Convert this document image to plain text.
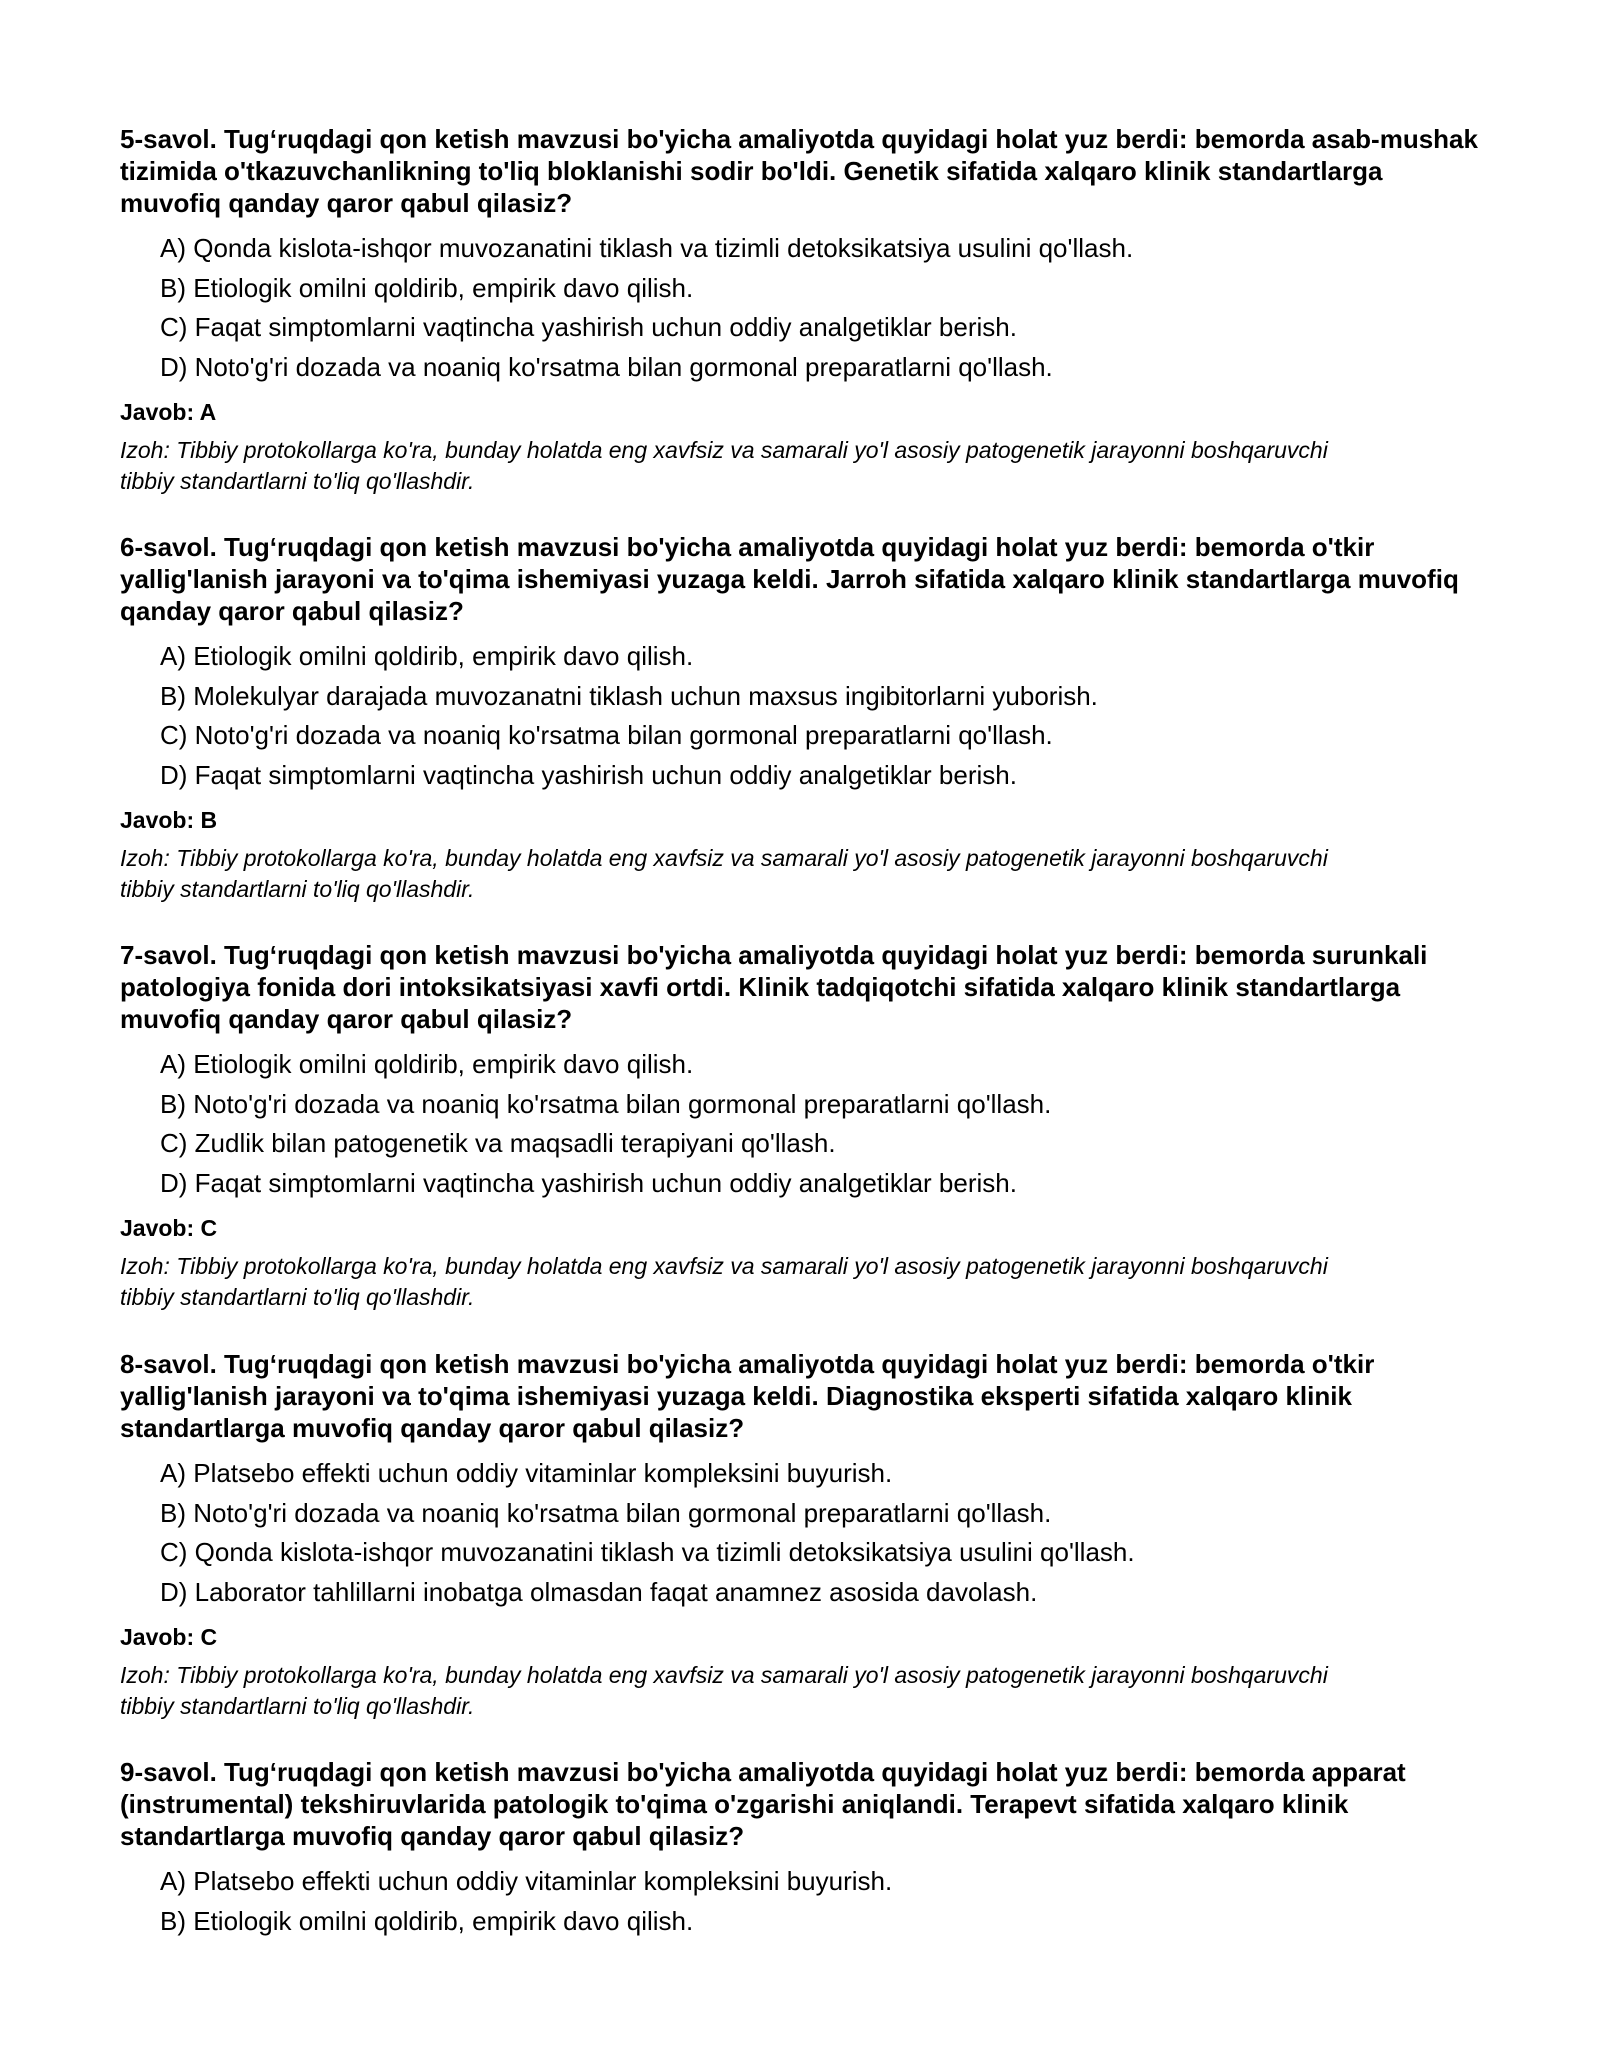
5-savol. Tug‘ruqdagi qon ketish mavzusi bo'yicha amaliyotda quyidagi holat yuz berdi: bemorda asab-mushak tizimida o'tkazuvchanlikning to'liq bloklanishi sodir bo'ldi. Genetik sifatida xalqaro klinik standartlarga muvofiq qanday qaror qabul qilasiz?

A) Qonda kislota-ishqor muvozanatini tiklash va tizimli detoksikatsiya usulini qo'llash.
B) Etiologik omilni qoldirib, empirik davo qilish.
C) Faqat simptomlarni vaqtincha yashirish uchun oddiy analgetiklar berish.
D) Noto'g'ri dozada va noaniq ko'rsatma bilan gormonal preparatlarni qo'llash.

Javob: A

Izoh: Tibbiy protokollarga ko'ra, bunday holatda eng xavfsiz va samarali yo'l asosiy patogenetik jarayonni boshqaruvchi tibbiy standartlarni to'liq qo'llashdir.

6-savol. Tug‘ruqdagi qon ketish mavzusi bo'yicha amaliyotda quyidagi holat yuz berdi: bemorda o'tkir yallig'lanish jarayoni va to'qima ishemiyasi yuzaga keldi. Jarroh sifatida xalqaro klinik standartlarga muvofiq qanday qaror qabul qilasiz?

A) Etiologik omilni qoldirib, empirik davo qilish.
B) Molekulyar darajada muvozanatni tiklash uchun maxsus ingibitorlarni yuborish.
C) Noto'g'ri dozada va noaniq ko'rsatma bilan gormonal preparatlarni qo'llash.
D) Faqat simptomlarni vaqtincha yashirish uchun oddiy analgetiklar berish.

Javob: B

Izoh: Tibbiy protokollarga ko'ra, bunday holatda eng xavfsiz va samarali yo'l asosiy patogenetik jarayonni boshqaruvchi tibbiy standartlarni to'liq qo'llashdir.

7-savol. Tug‘ruqdagi qon ketish mavzusi bo'yicha amaliyotda quyidagi holat yuz berdi: bemorda surunkali patologiya fonida dori intoksikatsiyasi xavfi ortdi. Klinik tadqiqotchi sifatida xalqaro klinik standartlarga muvofiq qanday qaror qabul qilasiz?

A) Etiologik omilni qoldirib, empirik davo qilish.
B) Noto'g'ri dozada va noaniq ko'rsatma bilan gormonal preparatlarni qo'llash.
C) Zudlik bilan patogenetik va maqsadli terapiyani qo'llash.
D) Faqat simptomlarni vaqtincha yashirish uchun oddiy analgetiklar berish.

Javob: C

Izoh: Tibbiy protokollarga ko'ra, bunday holatda eng xavfsiz va samarali yo'l asosiy patogenetik jarayonni boshqaruvchi tibbiy standartlarni to'liq qo'llashdir.

8-savol. Tug‘ruqdagi qon ketish mavzusi bo'yicha amaliyotda quyidagi holat yuz berdi: bemorda o'tkir yallig'lanish jarayoni va to'qima ishemiyasi yuzaga keldi. Diagnostika eksperti sifatida xalqaro klinik standartlarga muvofiq qanday qaror qabul qilasiz?

A) Platsebo effekti uchun oddiy vitaminlar kompleksini buyurish.
B) Noto'g'ri dozada va noaniq ko'rsatma bilan gormonal preparatlarni qo'llash.
C) Qonda kislota-ishqor muvozanatini tiklash va tizimli detoksikatsiya usulini qo'llash.
D) Laborator tahlillarni inobatga olmasdan faqat anamnez asosida davolash.

Javob: C

Izoh: Tibbiy protokollarga ko'ra, bunday holatda eng xavfsiz va samarali yo'l asosiy patogenetik jarayonni boshqaruvchi tibbiy standartlarni to'liq qo'llashdir.

9-savol. Tug‘ruqdagi qon ketish mavzusi bo'yicha amaliyotda quyidagi holat yuz berdi: bemorda apparat (instrumental) tekshiruvlarida patologik to'qima o'zgarishi aniqlandi. Terapevt sifatida xalqaro klinik standartlarga muvofiq qanday qaror qabul qilasiz?

A) Platsebo effekti uchun oddiy vitaminlar kompleksini buyurish.
B) Etiologik omilni qoldirib, empirik davo qilish.
